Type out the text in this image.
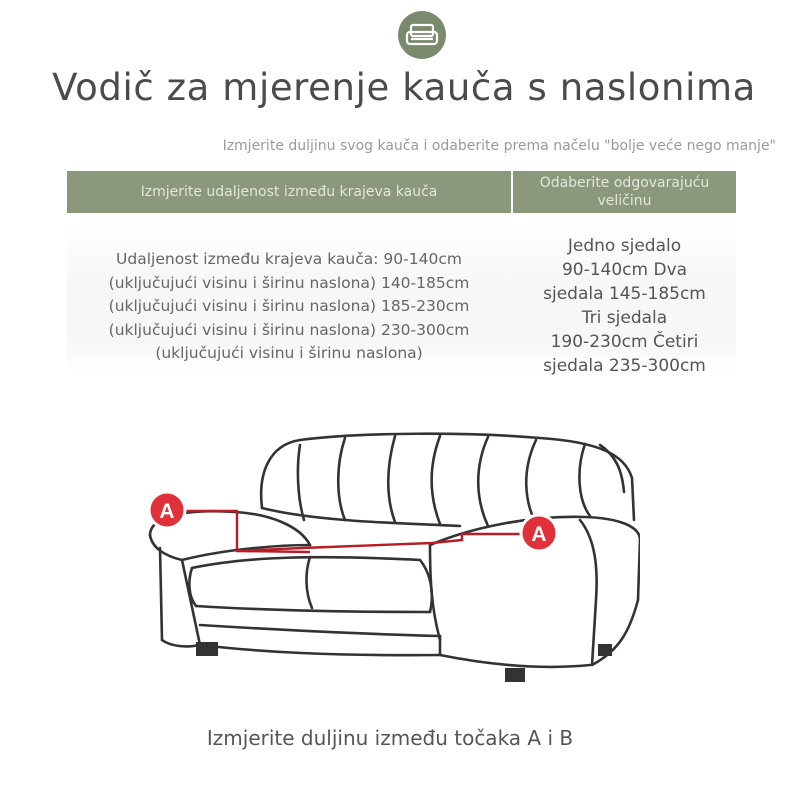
Vodič za mjerenje kauča s naslonima
Izmjerite duljinu svog kauča i odaberite prema načelu "bolje veće nego manje"
Izmjerite udaljenost između krajeva kauča
Odaberite odgovarajuću veličinu
Udaljenost između krajeva kauča: 90-140cm
(uključujući visinu i širinu naslona) 140-185cm
(uključujući visinu i širinu naslona) 185-230cm
(uključujući visinu i širinu naslona) 230-300cm
(uključujući visinu i širinu naslona)
Jedno sjedalo
90-140cm Dva
sjedala 145-185cm
Tri sjedala
190-230cm Četiri
sjedala 235-300cm
A
A
Izmjerite duljinu između točaka A i B
